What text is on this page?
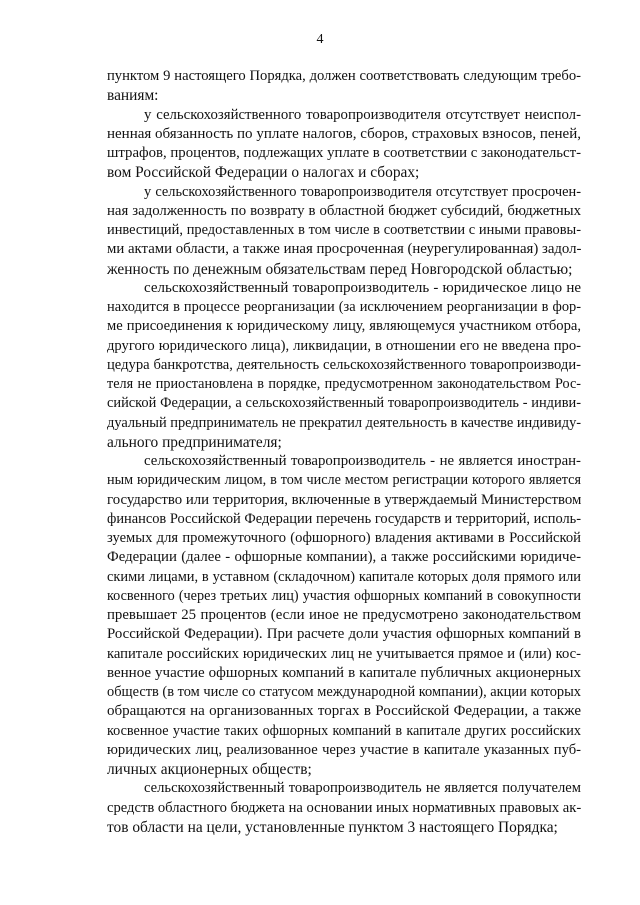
4
пунктом 9 настоящего Порядка, должен соответствовать следующим требо-
ваниям:
у сельскохозяйственного товаропроизводителя отсутствует неиспол-
ненная обязанность по уплате налогов, сборов, страховых взносов, пеней,
штрафов, процентов, подлежащих уплате в соответствии с законодательст-
вом Российской Федерации о налогах и сборах;
у сельскохозяйственного товаропроизводителя отсутствует просрочен-
ная задолженность по возврату в областной бюджет субсидий, бюджетных
инвестиций, предоставленных в том числе в соответствии с иными правовы-
ми актами области, а также иная просроченная (неурегулированная) задол-
женность по денежным обязательствам перед Новгородской областью;
сельскохозяйственный товаропроизводитель - юридическое лицо не
находится в процессе реорганизации (за исключением реорганизации в фор-
ме присоединения к юридическому лицу, являющемуся участником отбора,
другого юридического лица), ликвидации, в отношении его не введена про-
цедура банкротства, деятельность сельскохозяйственного товаропроизводи-
теля не приостановлена в порядке, предусмотренном законодательством Рос-
сийской Федерации, а сельскохозяйственный товаропроизводитель - индиви-
дуальный предприниматель не прекратил деятельность в качестве индивиду-
ального предпринимателя;
сельскохозяйственный товаропроизводитель - не является иностран-
ным юридическим лицом, в том числе местом регистрации которого является
государство или территория, включенные в утверждаемый Министерством
финансов Российской Федерации перечень государств и территорий, исполь-
зуемых для промежуточного (офшорного) владения активами в Российской
Федерации (далее - офшорные компании), а также российскими юридиче-
скими лицами, в уставном (складочном) капитале которых доля прямого или
косвенного (через третьих лиц) участия офшорных компаний в совокупности
превышает 25 процентов (если иное не предусмотрено законодательством
Российской Федерации). При расчете доли участия офшорных компаний в
капитале российских юридических лиц не учитывается прямое и (или) кос-
венное участие офшорных компаний в капитале публичных акционерных
обществ (в том числе со статусом международной компании), акции которых
обращаются на организованных торгах в Российской Федерации, а также
косвенное участие таких офшорных компаний в капитале других российских
юридических лиц, реализованное через участие в капитале указанных пуб-
личных акционерных обществ;
сельскохозяйственный товаропроизводитель не является получателем
средств областного бюджета на основании иных нормативных правовых ак-
тов области на цели, установленные пунктом 3 настоящего Порядка;
